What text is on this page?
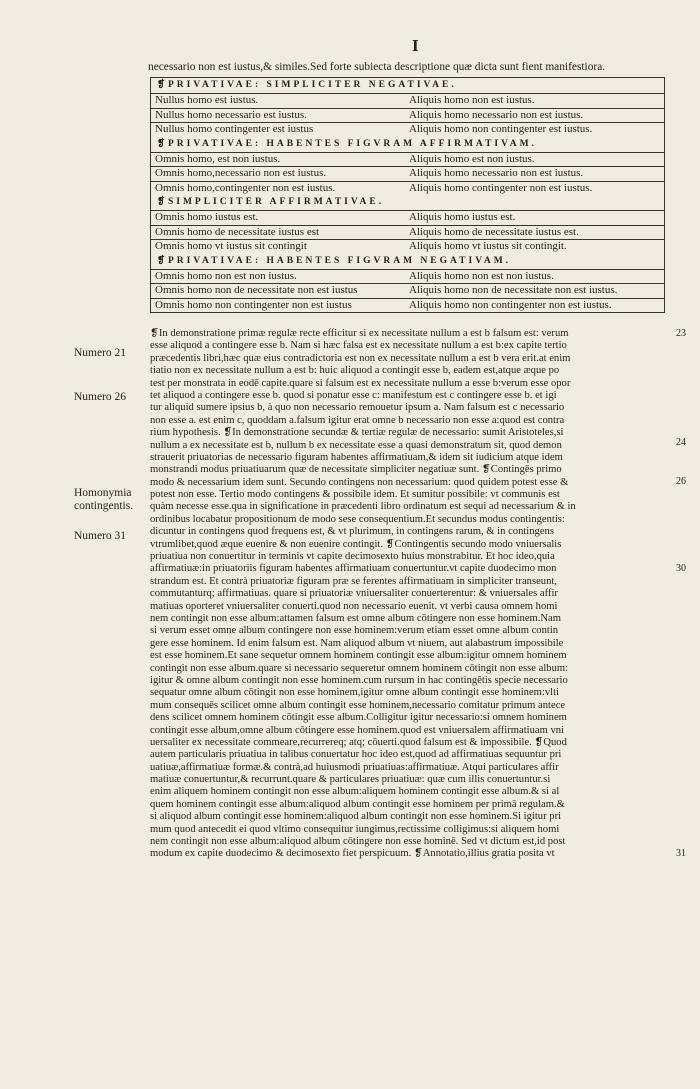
I
necessario non est iustus,& similes.Sed forte subiecta descriptione quæ dicta sunt fient manifestiora.
❡PRIVATIVAE: SIMPLICITER NEGATIVAE.
Nullus homo est iustus.	Aliquis homo non est iustus.
Nullus homo necessario est iustus.	Aliquis homo necessario non est iustus.
Nullus homo contingenter est iustus	Aliquis homo non contingenter est iustus.
❡PRIVATIVAE: HABENTES FIGVRAM AFFIRMATIVAM.
Omnis homo, est non iustus.	Aliquis homo est non iustus.
Omnis homo,necessario non est iustus.	Aliquis homo necessario non est iustus.
Omnis homo,contingenter non est iustus.	Aliquis homo contingenter non est iustus.
❡SIMPLICITER AFFIRMATIVAE.
Omnis homo iustus est.	Aliquis homo iustus est.
Omnis homo de necessitate iustus est	Aliquis homo de necessitate iustus est.
Omnis homo vt iustus sit contingit	Aliquis homo vt iustus sit contingit.
❡PRIVATIVAE: HABENTES FIGVRAM NEGATIVAM.
Omnis homo non est non iustus.	Aliquis homo non est non iustus.
Omnis homo non de necessitate non est iustus	Aliquis homo non de necessitate non est iustus.
Omnis homo non contingenter non est iustus	Aliquis homo non contingenter non est iustus.
Numero 21
Numero 26
Homonymia contingentis.
Numero 31
23
24
26
30
31
❡In demonstratione primæ regulæ recte efficitur si ex necessitate nullum a est b falsum est: verum
esse aliquod a contingere esse b. Nam si hæc falsa est ex necessitate nullum a est b:ex capite tertio
præcedentis libri,hæc quæ eius contradictoria est non ex necessitate nullum a est b vera erit.at enim
tiatio non ex necessitate nullum a est b: huic aliquod a contingit esse b, eadem est,atque æque po
test per monstrata in eodē capite.quare si falsum est ex necessitate nullum a esse b:verum esse opor
tet aliquod a contingere esse b. quod si ponatur esse c: manifestum est c contingere esse b. et igi
tur aliquid sumere ipsius b, à quo non necessario remouetur ipsum a. Nam falsum est c necessario
non esse a. est enim c, quoddam a.falsum igitur erat omne b necessario non esse a:quod est contra
rium hypothesis. ❡In demonstratione secundæ & tertiæ regulæ de necessario: sumit Aristoteles,si
nullum a ex necessitate est b, nullum b ex necessitate esse a quasi demonstratum sit, quod demon
strauerit priuatorias de necessario figuram habentes affirmatiuam,& idem sit iudicium atque idem
monstrandi modus priuatiuarum quæ de necessitate simpliciter negatiuæ sunt. ❡Contingēs primo
modo & necessarium idem sunt. Secundo contingens non necessarium: quod quidem potest esse &
potest non esse. Tertio modo contingens & possibile idem. Et sumitur possibile: vt communis est
quàm necesse esse.qua in significatione in præcedenti libro ordinatum est sequi ad necessarium & in
ordinibus locabatur propositionum de modo sese consequentium.Et secundus modus contingentis:
dicuntur in contingens quod frequens est, & vt plurimum, in contingens rarum, & in contingens
vtrumlibet,quod æque euenire & non euenire contingit. ❡Contingentis secundo modo vniuersalis
priuatiua non conuertitur in terminis vt capite decimosexto huius monstrabitur. Et hoc ideo,quia
affirmatiuæ:in priuatoriis figuram habentes affirmatiuam conuertuntur.vt capite duodecimo mon
strandum est. Et contrà priuatoriæ figuram præ se ferentes affirmatiuam in simpliciter transeunt,
commutanturq; affirmatiuas. quare si priuatoriæ vniuersaliter conuerterentur: & vniuersales affir
matiuas oporteret vniuersaliter conuerti.quod non necessario euenit. vt verbi causa omnem homi
nem contingit non esse album:attamen falsum est omne album cōtingere non esse hominem.Nam
si verum esset omne album contingere non esse hominem:verum etiam esset omne album contin
gere esse hominem. Id enim falsum est. Nam aliquod album vt niuem, aut alabastrum impossibile
est esse hominem.Et sane sequetur omnem hominem contingit esse album:igitur omnem hominem
contingit non esse album.quare si necessario sequeretur omnem hominem cōtingit non esse album:
igitur & omne album contingit non esse hominem.cum rursum in hac contingētis specie necessario
sequatur omne album cōtingit non esse hominem,igitur omne album contingit esse hominem:vlti
mum consequēs scilicet omne album contingit esse hominem,necessario comitatur primum antece
dens scilicet omnem hominem cōtingit esse album.Colligitur igitur necessario:si omnem hominem
contingit esse album,omne album cōtingere esse hominem.quod est vniuersalem affirmatiuam vni
uersaliter ex necessitate commeare,recurrereq; atq; cōuerti.quod falsum est & impossibile. ❡Quod
autem particularis priuatiua in talibus conuertatur hoc ideo est,quod ad affirmatiuas sequuntur pri
uatiuæ,affirmatiuæ formæ.& contrà,ad huiusmodi priuatiuas:affirmatiuæ. Atqui particulares affir
matiuæ conuertuntur,& recurrunt.quare & particulares priuatiuæ: quæ cum illis conuertuntur.si
enim aliquem hominem contingit non esse album:aliquem hominem contingit esse album.& si al
quem hominem contingit esse album:aliquod album contingit esse hominem per primā regulam.&
si aliquod album contingit esse hominem:aliquod album contingit non esse hominem.Si igitur pri
mum quod antecedit ei quod vltimo consequitur iungimus,rectissime colligimus:si aliquem homi
nem contingit non esse album:aliquod album cōtingere non esse hominē. Sed vt dictum est,id post
modum ex capite duodecimo & decimosexto fiet perspicuum. ❡Annotatio,illius gratia posita vt
